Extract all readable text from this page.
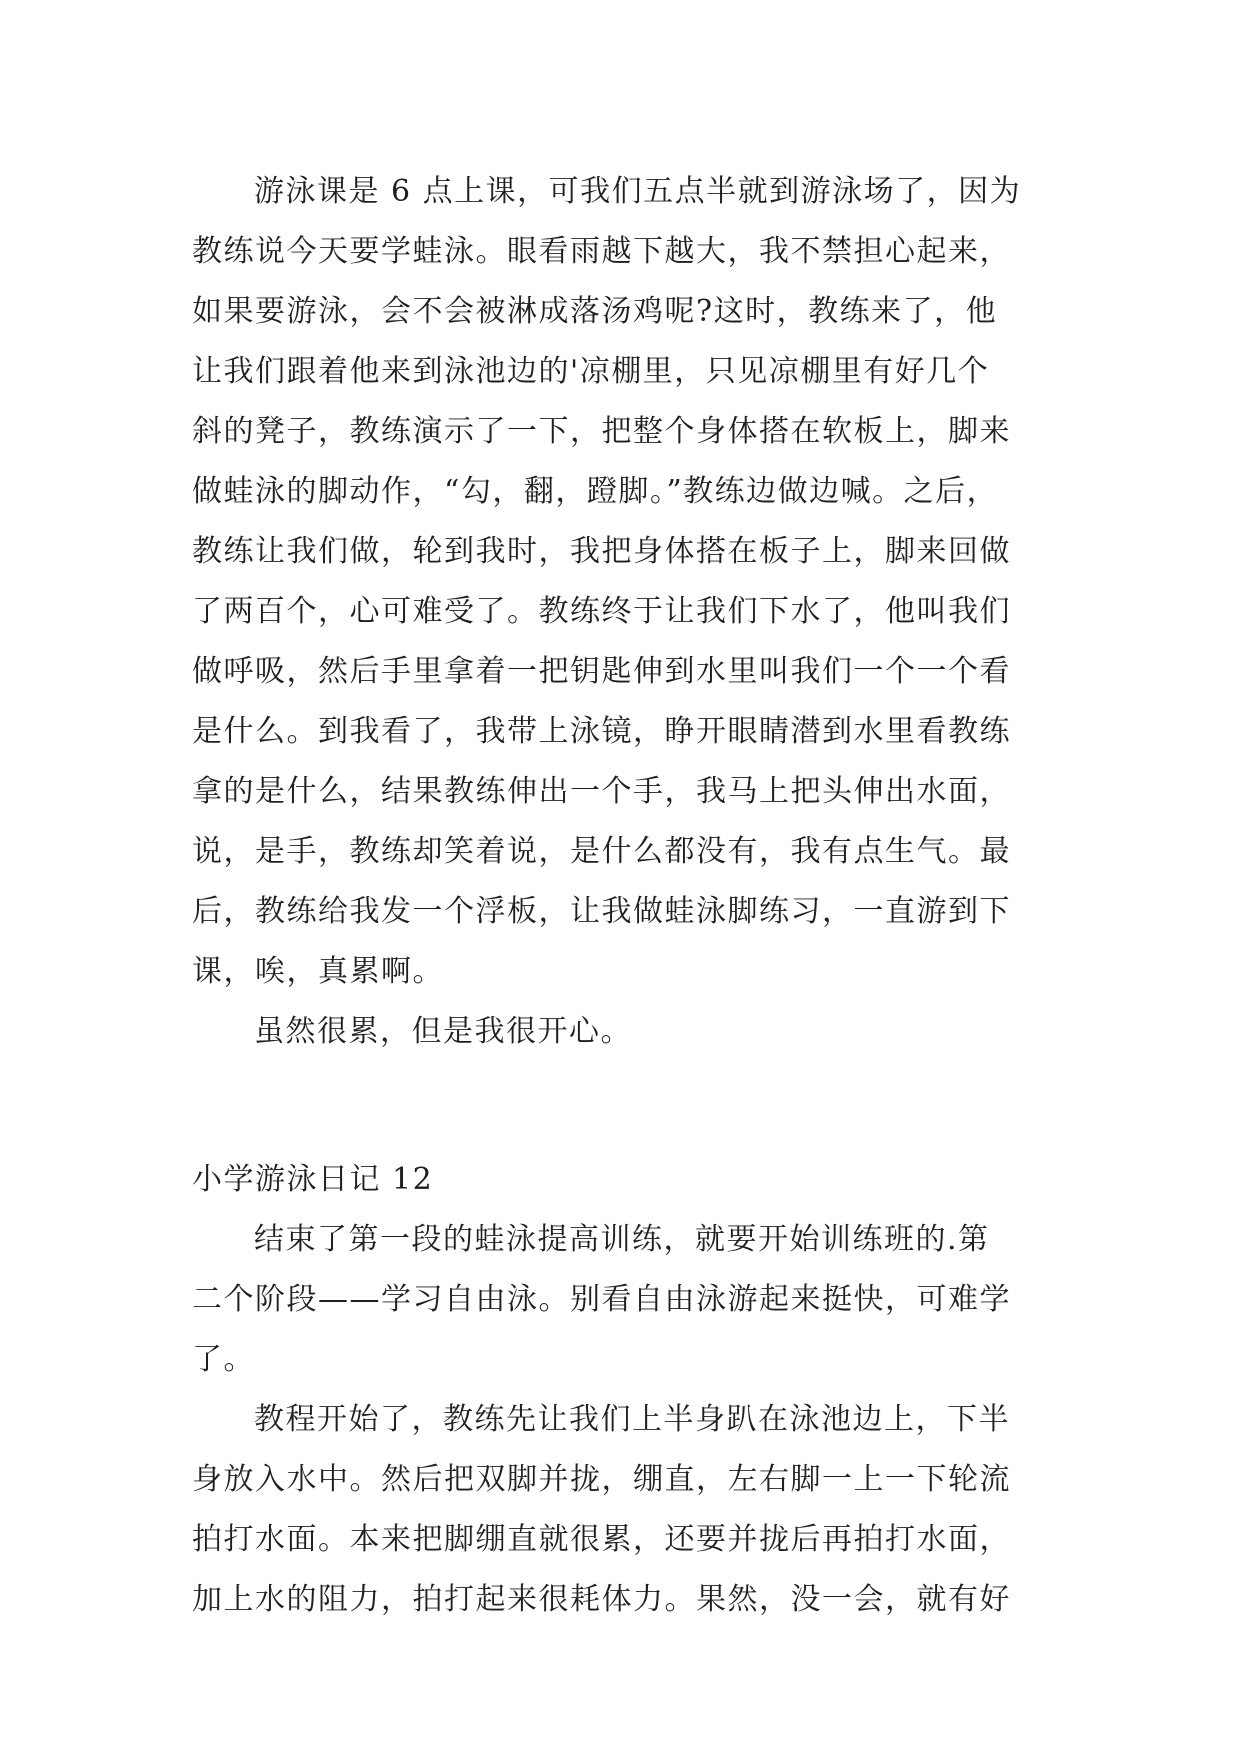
游泳课是 6 点上课，可我们五点半就到游泳场了，因为
教练说今天要学蛙泳。眼看雨越下越大，我不禁担心起来，
如果要游泳，会不会被淋成落汤鸡呢?这时，教练来了，他
让我们跟着他来到泳池边的'凉棚里，只见凉棚里有好几个
斜的凳子，教练演示了一下，把整个身体搭在软板上，脚来
做蛙泳的脚动作，“勾，翻，蹬脚。”教练边做边喊。之后，
教练让我们做，轮到我时，我把身体搭在板子上，脚来回做
了两百个，心可难受了。教练终于让我们下水了，他叫我们
做呼吸，然后手里拿着一把钥匙伸到水里叫我们一个一个看
是什么。到我看了，我带上泳镜，睁开眼睛潜到水里看教练
拿的是什么，结果教练伸出一个手，我马上把头伸出水面，
说，是手，教练却笑着说，是什么都没有，我有点生气。最
后，教练给我发一个浮板，让我做蛙泳脚练习，一直游到下
课，唉，真累啊。
虽然很累，但是我很开心。
小学游泳日记 12
结束了第一段的蛙泳提高训练，就要开始训练班的.第
二个阶段——学习自由泳。别看自由泳游起来挺快，可难学
了。
教程开始了，教练先让我们上半身趴在泳池边上，下半
身放入水中。然后把双脚并拢，绷直，左右脚一上一下轮流
拍打水面。本来把脚绷直就很累，还要并拢后再拍打水面，
加上水的阻力，拍打起来很耗体力。果然，没一会，就有好
